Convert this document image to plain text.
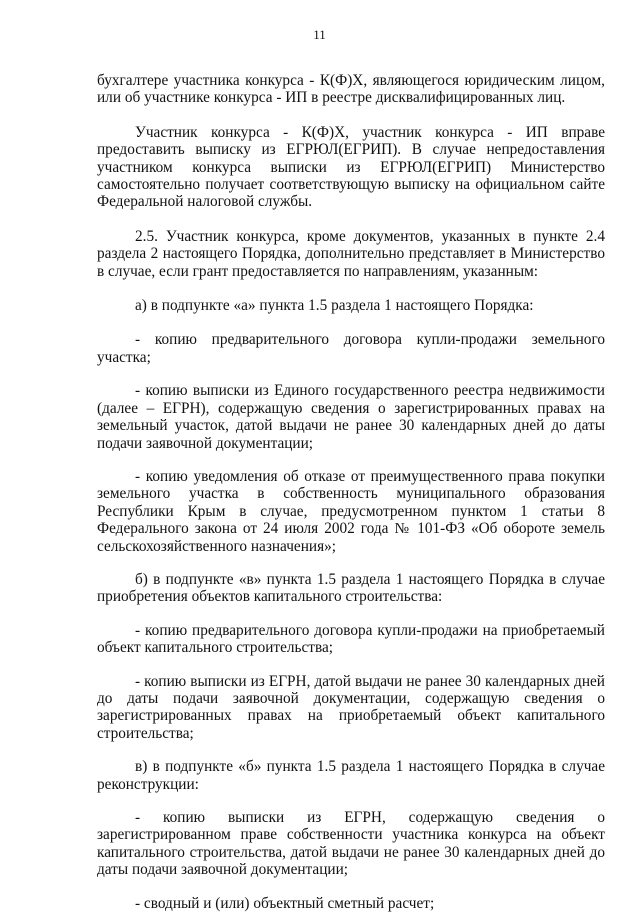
11

бухгалтере участника конкурса - К(Ф)Х, являющегося юридическим лицом, или об участнике конкурса - ИП в реестре дисквалифицированных лиц.

Участник конкурса - К(Ф)Х, участник конкурса - ИП вправе предоставить выписку из ЕГРЮЛ(ЕГРИП). В случае непредоставления участником конкурса выписки из ЕГРЮЛ(ЕГРИП) Министерство самостоятельно получает соответствующую выписку на официальном сайте Федеральной налоговой службы.

2.5. Участник конкурса, кроме документов, указанных в пункте 2.4 раздела 2 настоящего Порядка, дополнительно представляет в Министерство в случае, если грант предоставляется по направлениям, указанным:

а) в подпункте «а» пункта 1.5 раздела 1 настоящего Порядка:

- копию предварительного договора купли-продажи земельного участка;

- копию выписки из Единого государственного реестра недвижимости (далее – ЕГРН), содержащую сведения о зарегистрированных правах на земельный участок, датой выдачи не ранее 30 календарных дней до даты подачи заявочной документации;

- копию уведомления об отказе от преимущественного права покупки земельного участка в собственность муниципального образования Республики Крым в случае, предусмотренном пунктом 1 статьи 8 Федерального закона от 24 июля 2002 года № 101-ФЗ «Об обороте земель сельскохозяйственного назначения»;

б) в подпункте «в» пункта 1.5 раздела 1 настоящего Порядка в случае приобретения объектов капитального строительства:

- копию предварительного договора купли-продажи на приобретаемый объект капитального строительства;

- копию выписки из ЕГРН, датой выдачи не ранее 30 календарных дней до даты подачи заявочной документации, содержащую сведения о зарегистрированных правах на приобретаемый объект капитального строительства;

в) в подпункте «б» пункта 1.5 раздела 1 настоящего Порядка в случае реконструкции:

- копию выписки из ЕГРН, содержащую сведения о зарегистрированном праве собственности участника конкурса на объект капитального строительства, датой выдачи не ранее 30 календарных дней до даты подачи заявочной документации;

- сводный и (или) объектный сметный расчет;
